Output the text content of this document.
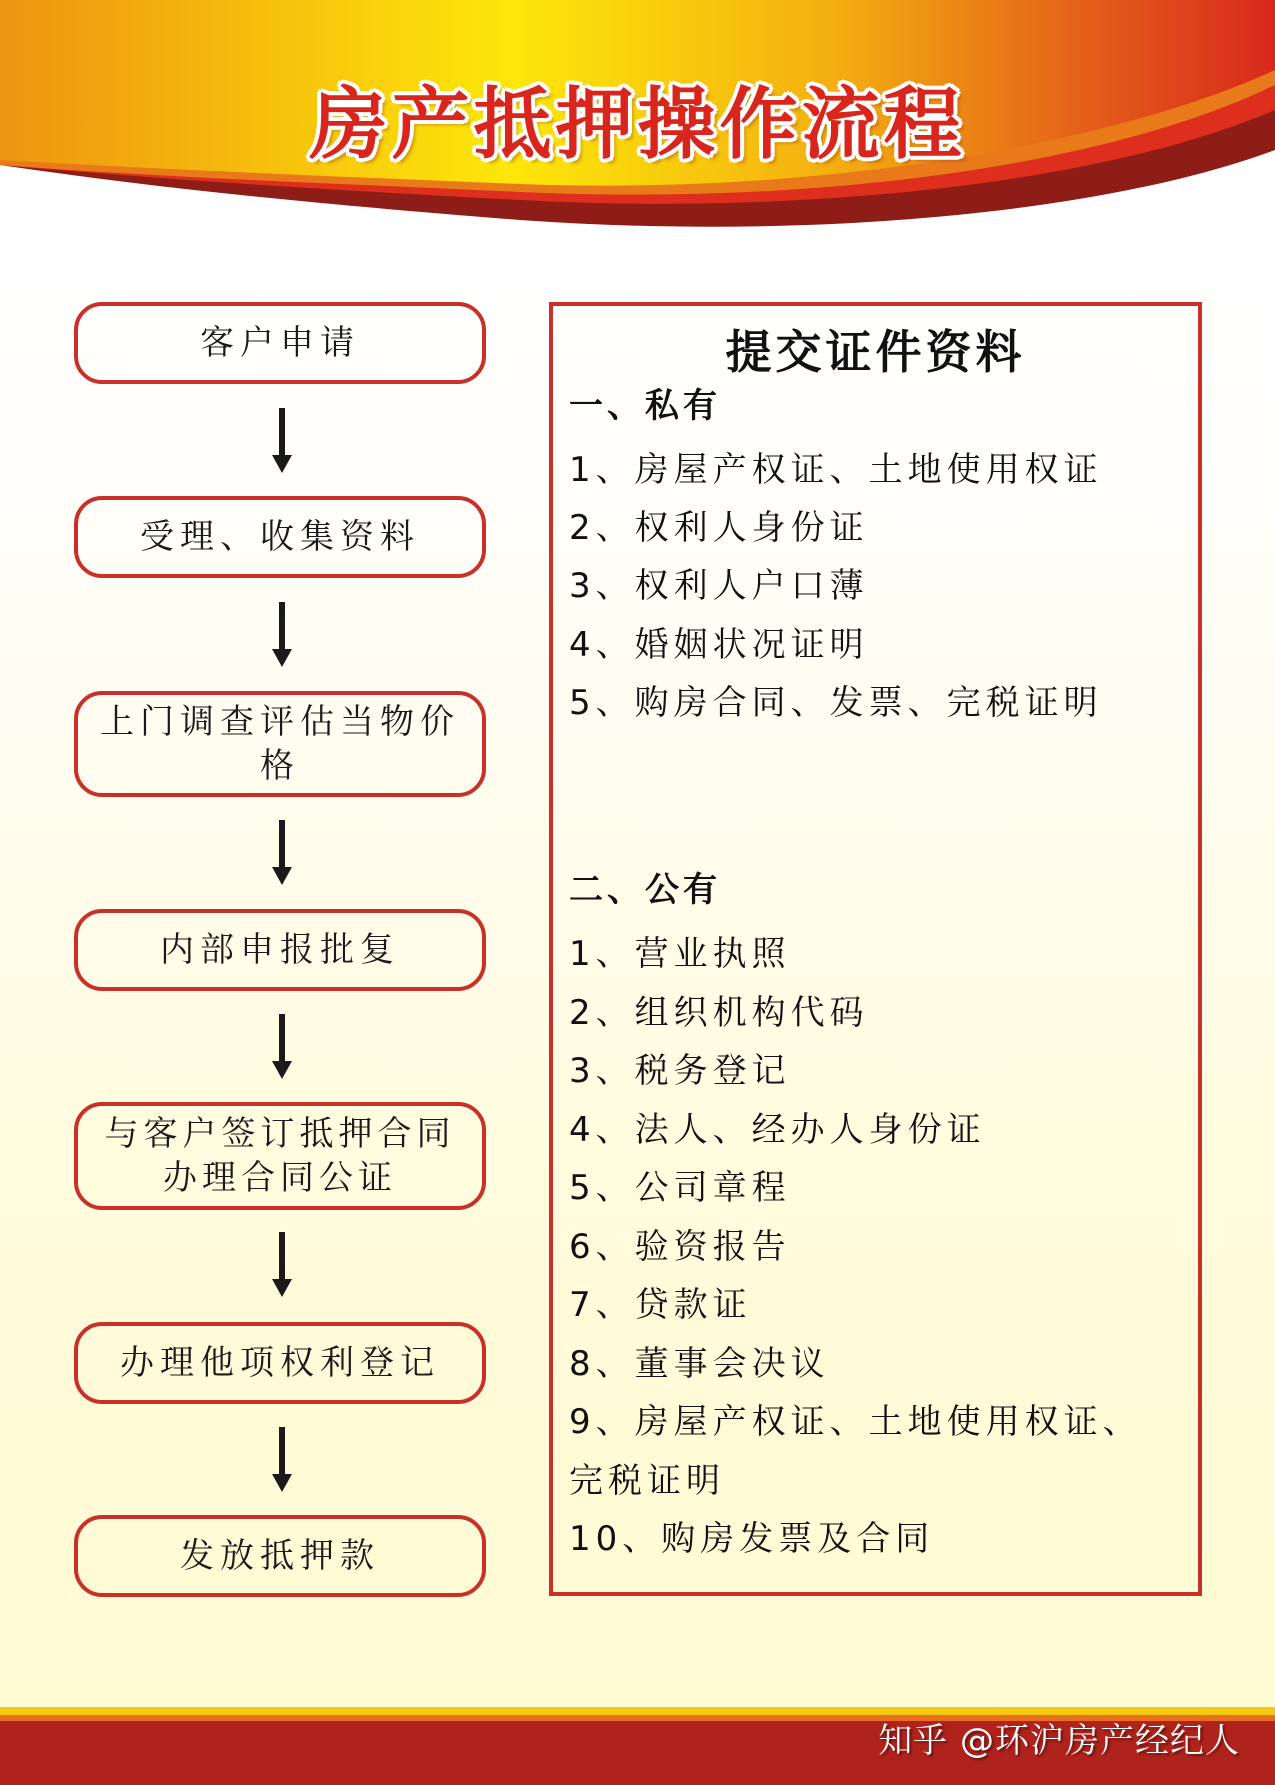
房产抵押操作流程
客户申请
受理、收集资料
上门调查评估当物价格
内部申报批复
与客户签订抵押合同办理合同公证
办理他项权利登记
发放抵押款
提交证件资料
一、私有
1、房屋产权证、土地使用权证
2、权利人身份证
3、权利人户口薄
4、婚姻状况证明
5、购房合同、发票、完税证明
二、公有
1、营业执照
2、组织机构代码
3、税务登记
4、法人、经办人身份证
5、公司章程
6、验资报告
7、贷款证
8、董事会决议
9、房屋产权证、土地使用权证、
完税证明
10、购房发票及合同
知乎 @环沪房产经纪人
